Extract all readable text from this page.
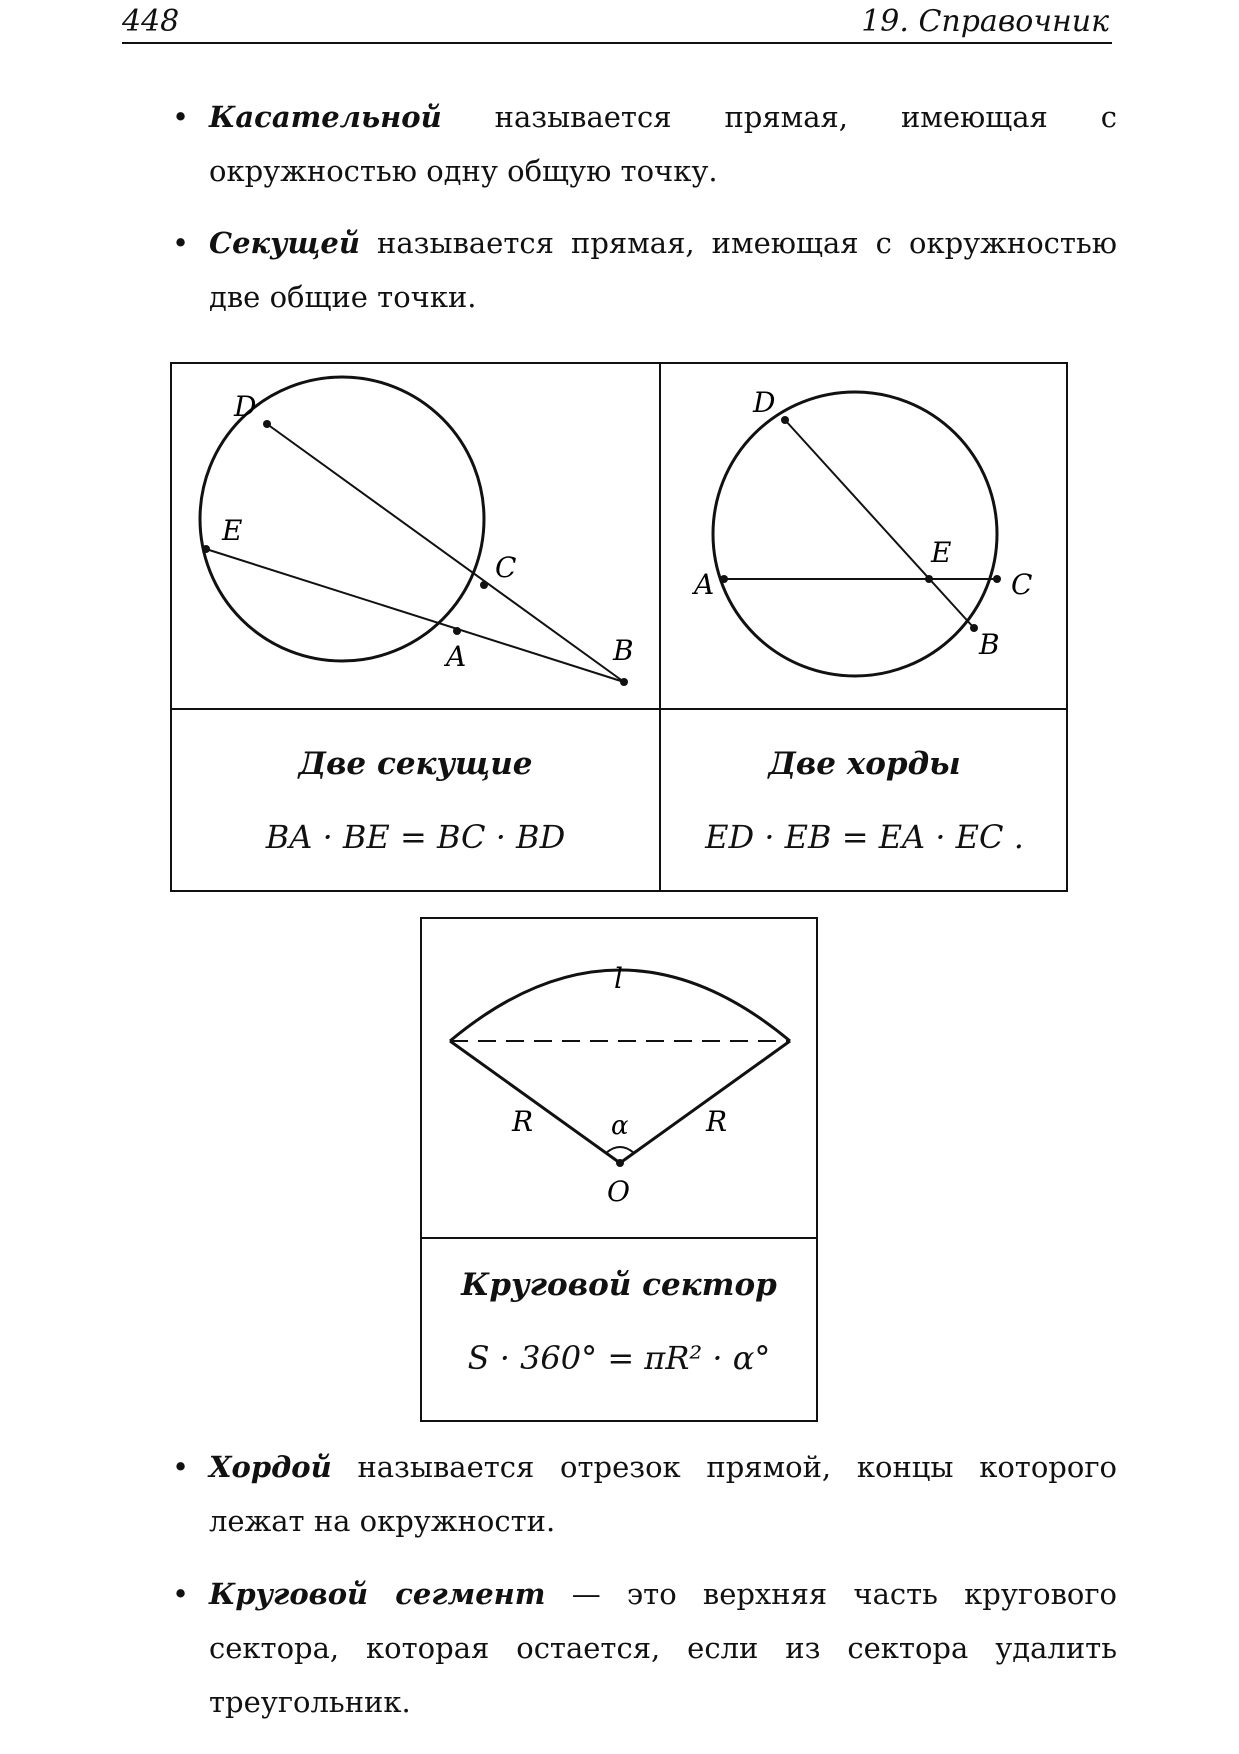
448	19. Справочник
• Касательной называется прямая, имеющая с окружностью одну общую точку.
• Секущей называется прямая, имеющая с окружностью две общие точки.
D
E
C
A	B
D
A
E
C
B
Две секущие
BA · BE = BC · BD
Две хорды
ED · EB = EA · EC .
l
R	R
α
O
Круговой сектор
S · 360° = πR² · α°
• Хордой называется отрезок прямой, концы которого лежат на окружности.
• Круговой сегмент — это верхняя часть кругового сектора, которая остается, если из сектора удалить треугольник.
